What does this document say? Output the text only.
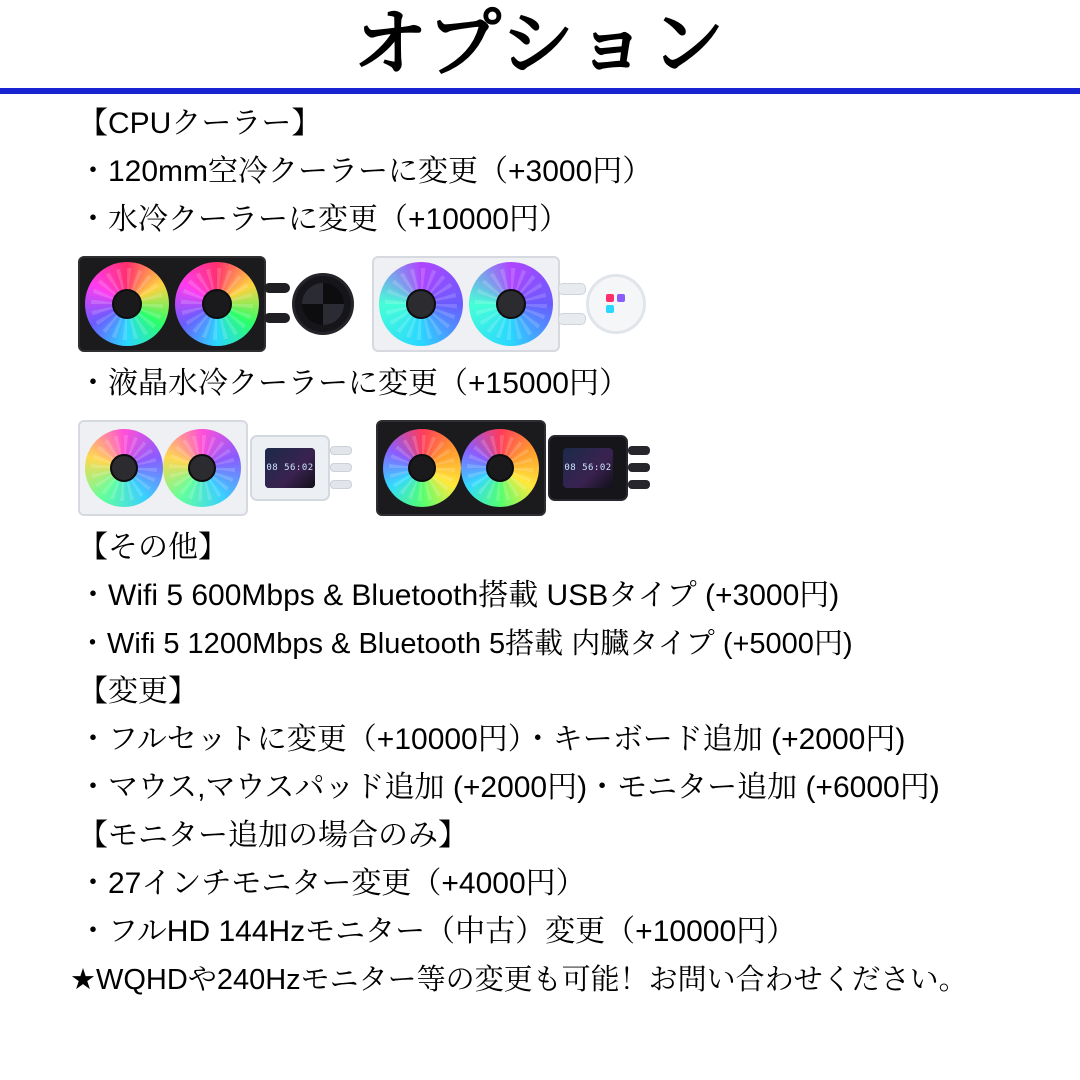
オプション
【CPUクーラー】
・120mm空冷クーラーに変更（+3000円）
・水冷クーラーに変更（+10000円）
・液晶水冷クーラーに変更（+15000円）
08 56:02	08 56:02
【その他】
・Wifi 5 600Mbps & Bluetooth搭載 USBタイプ (+3000円)
・Wifi 5 1200Mbps & Bluetooth 5搭載 内臓タイプ (+5000円)
【変更】
・フルセットに変更（+10000円）・キーボード追加 (+2000円)
・マウス,マウスパッド追加 (+2000円)・モニター追加 (+6000円)
【モニター追加の場合のみ】
・27インチモニター変更（+4000円）
・フルHD 144Hzモニター（中古）変更（+10000円）
★WQHDや240Hzモニター等の変更も可能！お問い合わせください。
